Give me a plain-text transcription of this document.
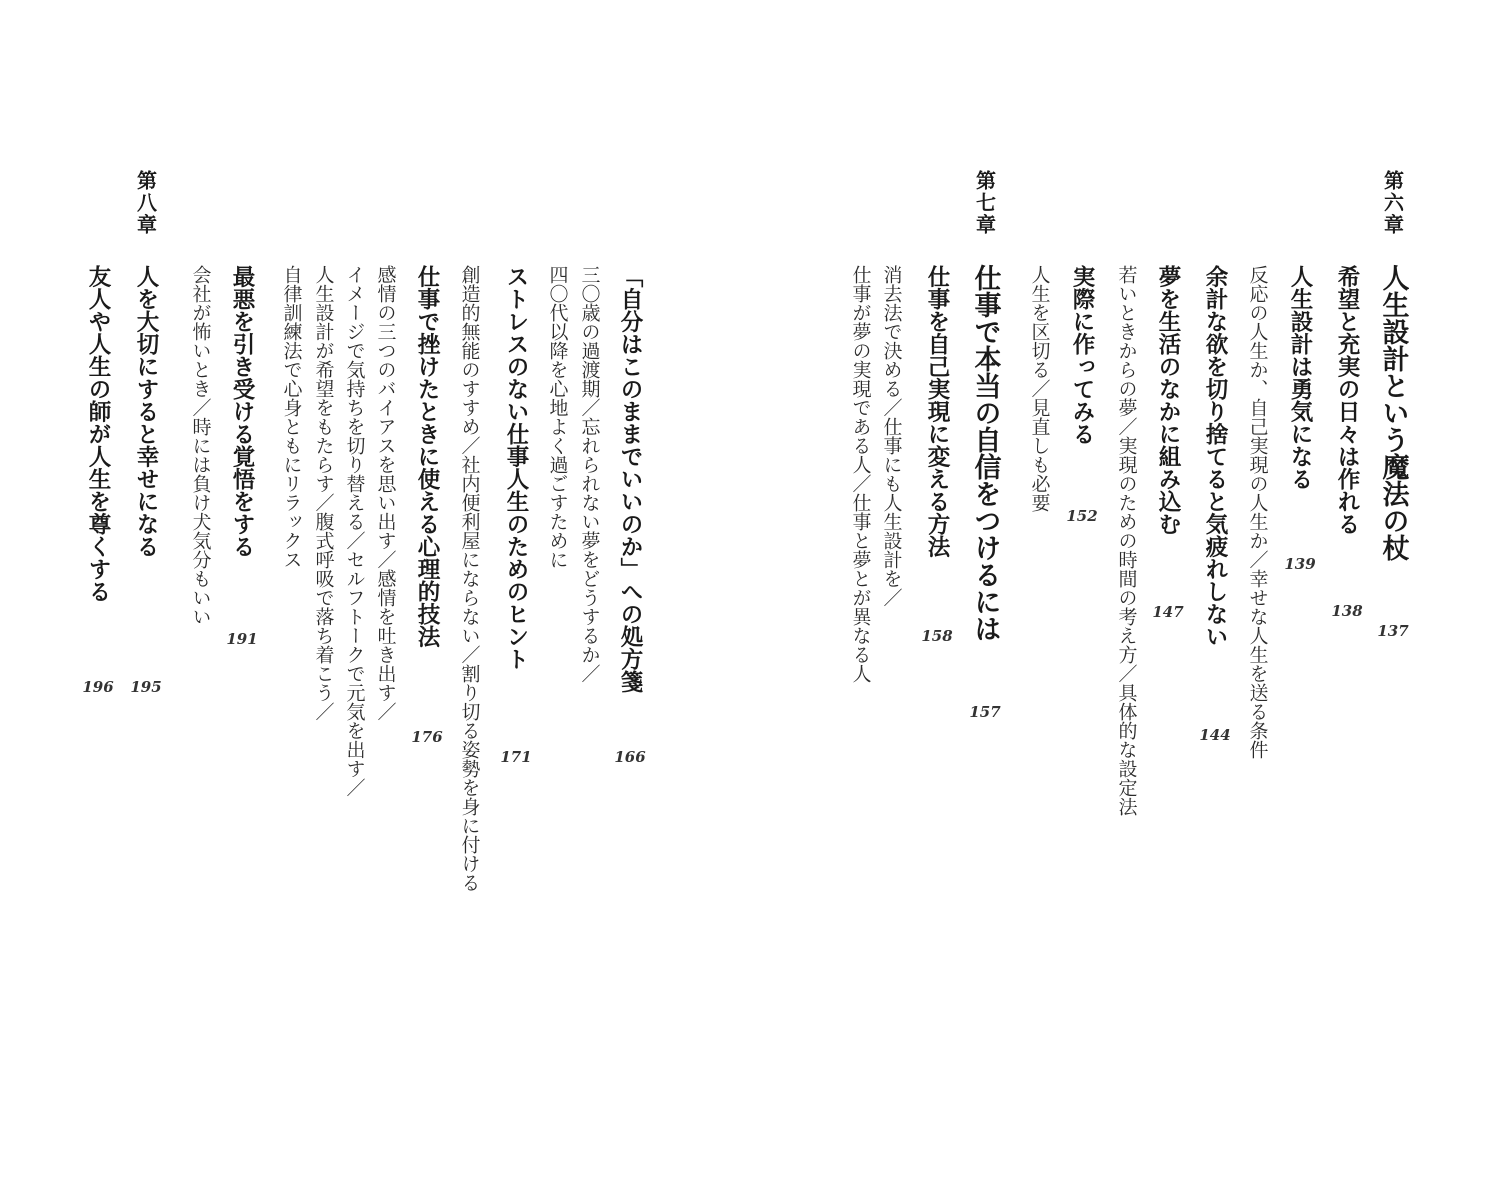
第六章
人生設計という魔法の杖
137
希望と充実の日々は作れる
138
人生設計は勇気になる
139
反応の人生か、自己実現の人生か／幸せな人生を送る条件
余計な欲を切り捨てると気疲れしない
144
夢を生活のなかに組み込む
147
若いときからの夢／実現のための時間の考え方／具体的な設定法
実際に作ってみる
152
人生を区切る／見直しも必要
第七章
仕事で本当の自信をつけるには
157
仕事を自己実現に変える方法
158
消去法で決める／仕事にも人生設計を／
仕事が夢の実現である人／仕事と夢とが異なる人
第八章
「自分はこのままでいいのか」への処方箋
166
三〇歳の過渡期／忘れられない夢をどうするか／
四〇代以降を心地よく過ごすために
ストレスのない仕事人生のためのヒント
171
創造的無能のすすめ／社内便利屋にならない／割り切る姿勢を身に付ける
仕事で挫けたときに使える心理的技法
176
感情の三つのバイアスを思い出す／感情を吐き出す／
イメージで気持ちを切り替える／セルフトークで元気を出す／
人生設計が希望をもたらす／腹式呼吸で落ち着こう／
自律訓練法で心身ともにリラックス
最悪を引き受ける覚悟をする
191
会社が怖いとき／時には負け犬気分もいい
人を大切にすると幸せになる
195
友人や人生の師が人生を尊くする
196
